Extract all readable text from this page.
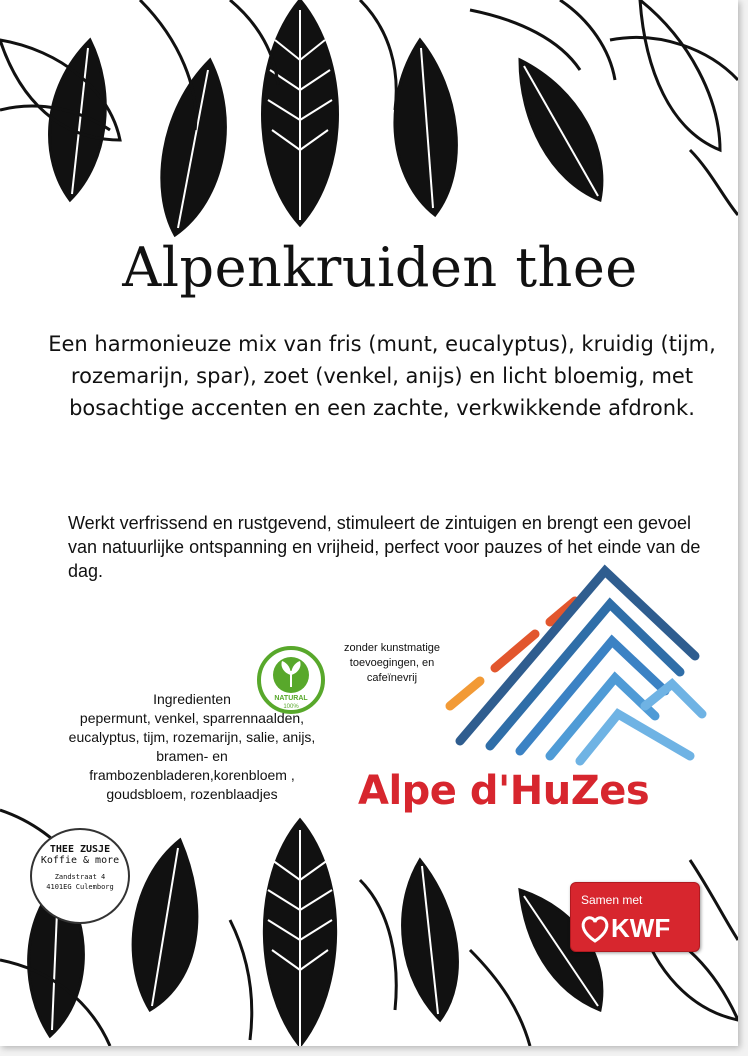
Alpenkruiden thee
Een harmonieuze mix van fris (munt, eucalyptus), kruidig (tijm, rozemarijn, spar), zoet (venkel, anijs) en licht bloemig, met bosachtige accenten en een zachte, verkwikkende afdronk.
Werkt verfrissend en rustgevend, stimuleert de zintuigen en brengt een gevoel van natuurlijke ontspanning en vrijheid, perfect voor pauzes of het einde van de dag.
NATURAL
100%
zonder kunstmatige toevoegingen, en cafeïnevrij
Ingredienten
pepermunt, venkel, sparrennaalden, eucalyptus, tijm, rozemarijn, salie, anijs, bramen- en frambozenbladeren,korenbloem , goudsbloem, rozenblaadjes	Alpe d'HuZes
THEE ZUSJE
Koffie & more
Zandstraat 4
4101EG Culemborg
Samen met
KWF
